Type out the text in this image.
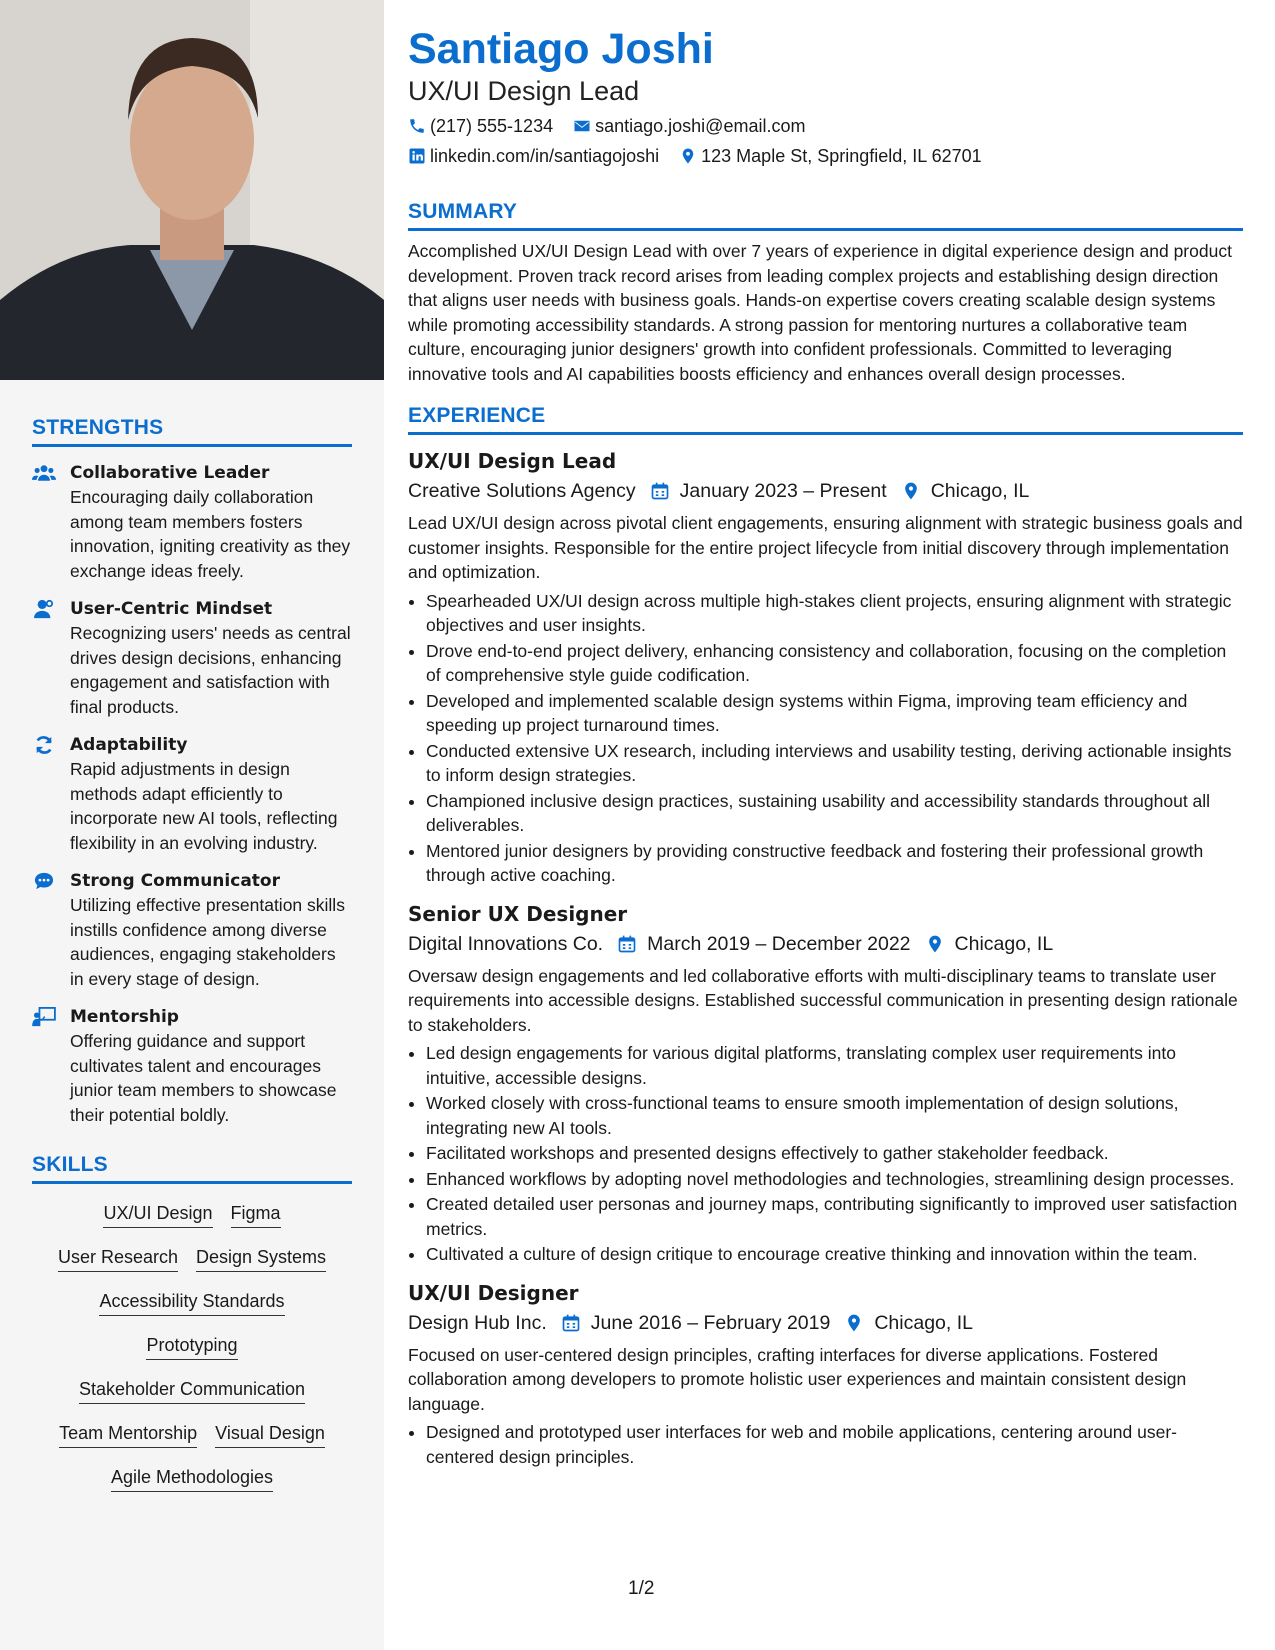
STRENGTHS
Collaborative Leader
Encouraging daily collaboration among team members fosters innovation, igniting creativity as they exchange ideas freely.
User-Centric Mindset
Recognizing users' needs as central drives design decisions, enhancing engagement and satisfaction with final products.
Adaptability
Rapid adjustments in design methods adapt efficiently to incorporate new AI tools, reflecting flexibility in an evolving industry.
Strong Communicator
Utilizing effective presentation skills instills confidence among diverse audiences, engaging stakeholders in every stage of design.
Mentorship
Offering guidance and support cultivates talent and encourages junior team members to showcase their potential boldly.
SKILLS
UX/UI Design Figma
User Research Design Systems
Accessibility Standards
Prototyping
Stakeholder Communication
Team Mentorship Visual Design
Agile Methodologies
Santiago Joshi
UX/UI Design Lead
(217) 555-1234 santiago.joshi@email.com
linkedin.com/in/santiagojoshi 123 Maple St, Springfield, IL 62701
SUMMARY
Accomplished UX/UI Design Lead with over 7 years of experience in digital experience design and product development. Proven track record arises from leading complex projects and establishing design direction that aligns user needs with business goals. Hands-on expertise covers creating scalable design systems while promoting accessibility standards. A strong passion for mentoring nurtures a collaborative team culture, encouraging junior designers' growth into confident professionals. Committed to leveraging innovative tools and AI capabilities boosts efficiency and enhances overall design processes.
EXPERIENCE
UX/UI Design Lead
Creative Solutions Agency January 2023 – Present Chicago, IL
Lead UX/UI design across pivotal client engagements, ensuring alignment with strategic business goals and customer insights. Responsible for the entire project lifecycle from initial discovery through implementation and optimization.
• Spearheaded UX/UI design across multiple high-stakes client projects, ensuring alignment with strategic objectives and user insights.
• Drove end-to-end project delivery, enhancing consistency and collaboration, focusing on the completion of comprehensive style guide codification.
• Developed and implemented scalable design systems within Figma, improving team efficiency and speeding up project turnaround times.
• Conducted extensive UX research, including interviews and usability testing, deriving actionable insights to inform design strategies.
• Championed inclusive design practices, sustaining usability and accessibility standards throughout all deliverables.
• Mentored junior designers by providing constructive feedback and fostering their professional growth through active coaching.
Senior UX Designer
Digital Innovations Co. March 2019 – December 2022 Chicago, IL
Oversaw design engagements and led collaborative efforts with multi-disciplinary teams to translate user requirements into accessible designs. Established successful communication in presenting design rationale to stakeholders.
• Led design engagements for various digital platforms, translating complex user requirements into intuitive, accessible designs.
• Worked closely with cross-functional teams to ensure smooth implementation of design solutions, integrating new AI tools.
• Facilitated workshops and presented designs effectively to gather stakeholder feedback.
• Enhanced workflows by adopting novel methodologies and technologies, streamlining design processes.
• Created detailed user personas and journey maps, contributing significantly to improved user satisfaction metrics.
• Cultivated a culture of design critique to encourage creative thinking and innovation within the team.
UX/UI Designer
Design Hub Inc. June 2016 – February 2019 Chicago, IL
Focused on user-centered design principles, crafting interfaces for diverse applications. Fostered collaboration among developers to promote holistic user experiences and maintain consistent design language.
• Designed and prototyped user interfaces for web and mobile applications, centering around user-centered design principles.
1/2
